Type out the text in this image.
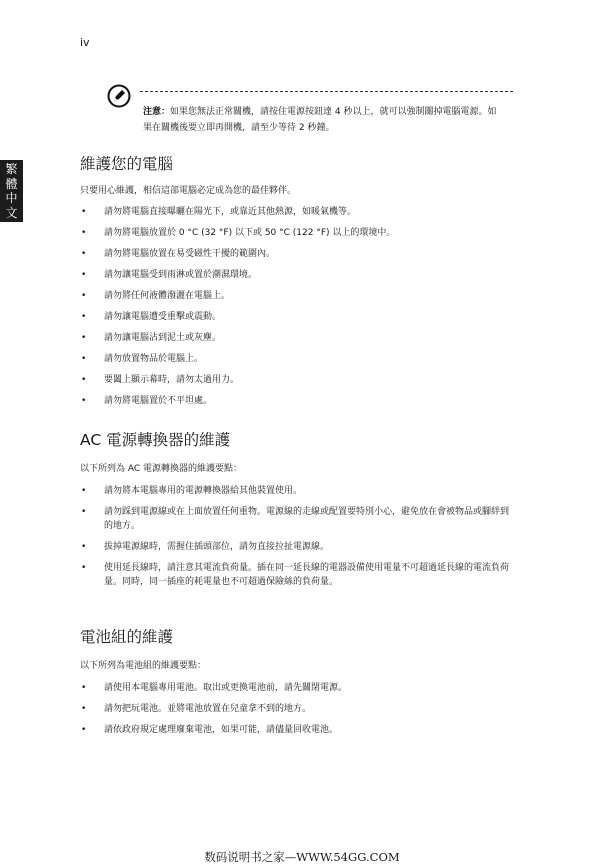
iv
繁
體
中
文
注意：如果您無法正常關機，請按住電源按鈕達 4 秒以上，就可以強制關掉電腦電源。如果在關機後要立即再開機，請至少等待 2 秒鐘。
維護您的電腦

只要用心維護，相信這部電腦必定成為您的最佳夥伴。

• 請勿將電腦直接曝曬在陽光下，或靠近其他熱源，如暖氣機等。
• 請勿將電腦放置於 0 °C (32 °F) 以下或 50 °C (122 °F) 以上的環境中。
• 請勿將電腦放置在易受磁性干擾的範圍內。
• 請勿讓電腦受到雨淋或置於潮濕環境。
• 請勿將任何液體潑灑在電腦上。
• 請勿讓電腦遭受重擊或震動。
• 請勿讓電腦沾到泥土或灰塵。
• 請勿放置物品於電腦上。
• 要闔上顯示幕時，請勿太過用力。
• 請勿將電腦置於不平坦處。
AC 電源轉換器的維護

以下所列為 AC 電源轉換器的維護要點：

• 請勿將本電腦專用的電源轉換器給其他裝置使用。
• 請勿踩到電源線或在上面放置任何重物。電源線的走線或配置要特別小心，避免放在會被物品或腳絆到的地方。
• 拔掉電源線時，需握住插頭部位，請勿直接拉扯電源線。
• 使用延長線時，請注意其電流負荷量。插在同一延長線的電器設備使用電量不可超過延長線的電流負荷量。同時，同一插座的耗電量也不可超過保險絲的負荷量。
電池組的維護

以下所列為電池組的維護要點：

• 請使用本電腦專用電池。取出或更換電池前，請先關閉電源。
• 請勿把玩電池。並將電池放置在兒童拿不到的地方。
• 請依政府規定處理廢棄電池，如果可能，請儘量回收電池。
数码说明书之家—WWW.54GG.COM
